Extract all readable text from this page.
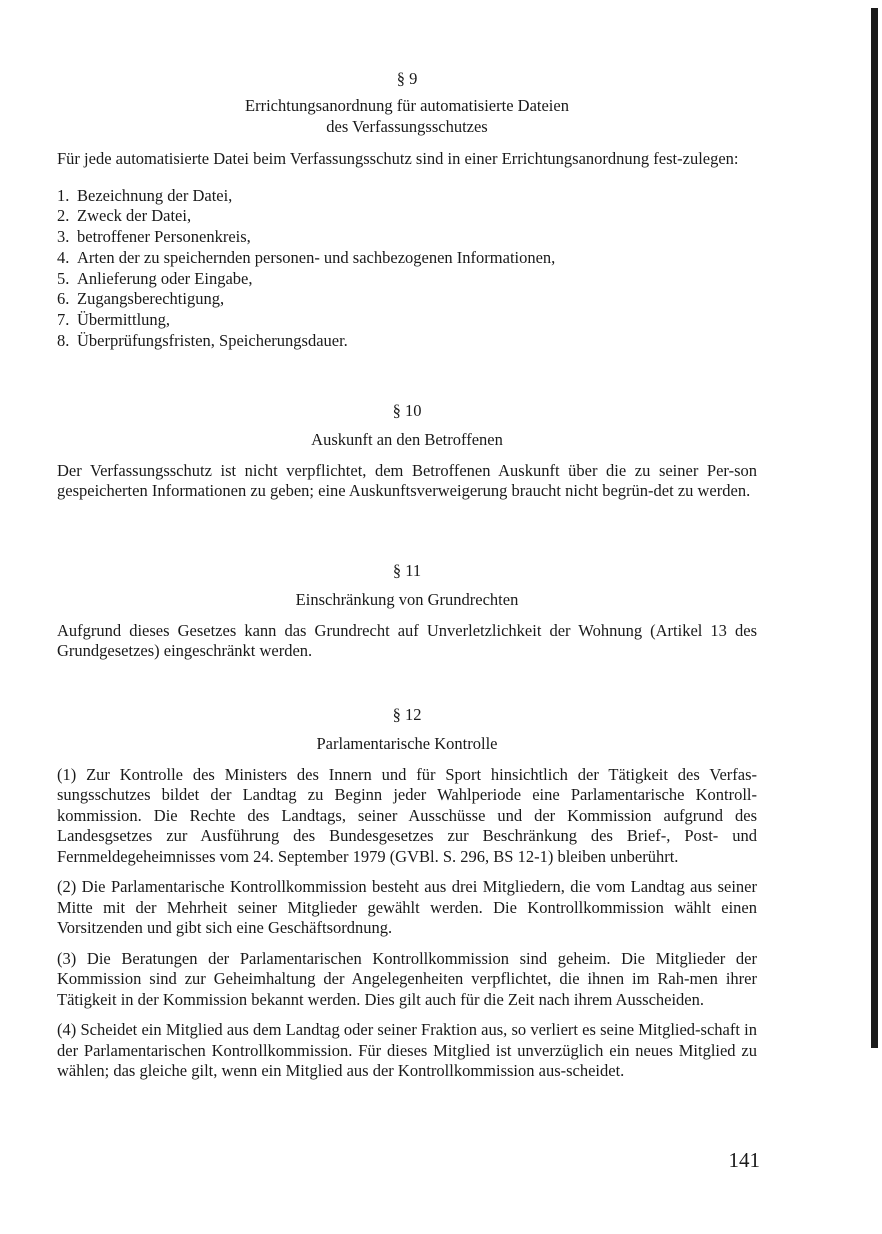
§ 9
Errichtungsanordnung für automatisierte Dateien
des Verfassungsschutzes

Für jede automatisierte Datei beim Verfassungsschutz sind in einer Errichtungsanordnung fest-zulegen:

1. Bezeichnung der Datei,
2. Zweck der Datei,
3. betroffener Personenkreis,
4. Arten der zu speichernden personen- und sachbezogenen Informationen,
5. Anlieferung oder Eingabe,
6. Zugangsberechtigung,
7. Übermittlung,
8. Überprüfungsfristen, Speicherungsdauer.
§ 10
Auskunft an den Betroffenen

Der Verfassungsschutz ist nicht verpflichtet, dem Betroffenen Auskunft über die zu seiner Per-son gespeicherten Informationen zu geben; eine Auskunftsverweigerung braucht nicht begrün-det zu werden.

§ 11
Einschränkung von Grundrechten

Aufgrund dieses Gesetzes kann das Grundrecht auf Unverletzlichkeit der Wohnung (Artikel 13 des Grundgesetzes) eingeschränkt werden.

§ 12
Parlamentarische Kontrolle

(1) Zur Kontrolle des Ministers des Innern und für Sport hinsichtlich der Tätigkeit des Verfas-sungsschutzes bildet der Landtag zu Beginn jeder Wahlperiode eine Parlamentarische Kontroll-kommission. Die Rechte des Landtags, seiner Ausschüsse und der Kommission aufgrund des Landesgsetzes zur Ausführung des Bundesgesetzes zur Beschränkung des Brief-, Post- und Fernmeldegeheimnisses vom 24. September 1979 (GVBl. S. 296, BS 12-1) bleiben unberührt.

(2) Die Parlamentarische Kontrollkommission besteht aus drei Mitgliedern, die vom Landtag aus seiner Mitte mit der Mehrheit seiner Mitglieder gewählt werden. Die Kontrollkommission wählt einen Vorsitzenden und gibt sich eine Geschäftsordnung.

(3) Die Beratungen der Parlamentarischen Kontrollkommission sind geheim. Die Mitglieder der Kommission sind zur Geheimhaltung der Angelegenheiten verpflichtet, die ihnen im Rah-men ihrer Tätigkeit in der Kommission bekannt werden. Dies gilt auch für die Zeit nach ihrem Ausscheiden.

(4) Scheidet ein Mitglied aus dem Landtag oder seiner Fraktion aus, so verliert es seine Mitglied-schaft in der Parlamentarischen Kontrollkommission. Für dieses Mitglied ist unverzüglich ein neues Mitglied zu wählen; das gleiche gilt, wenn ein Mitglied aus der Kontrollkommission aus-scheidet.

141
